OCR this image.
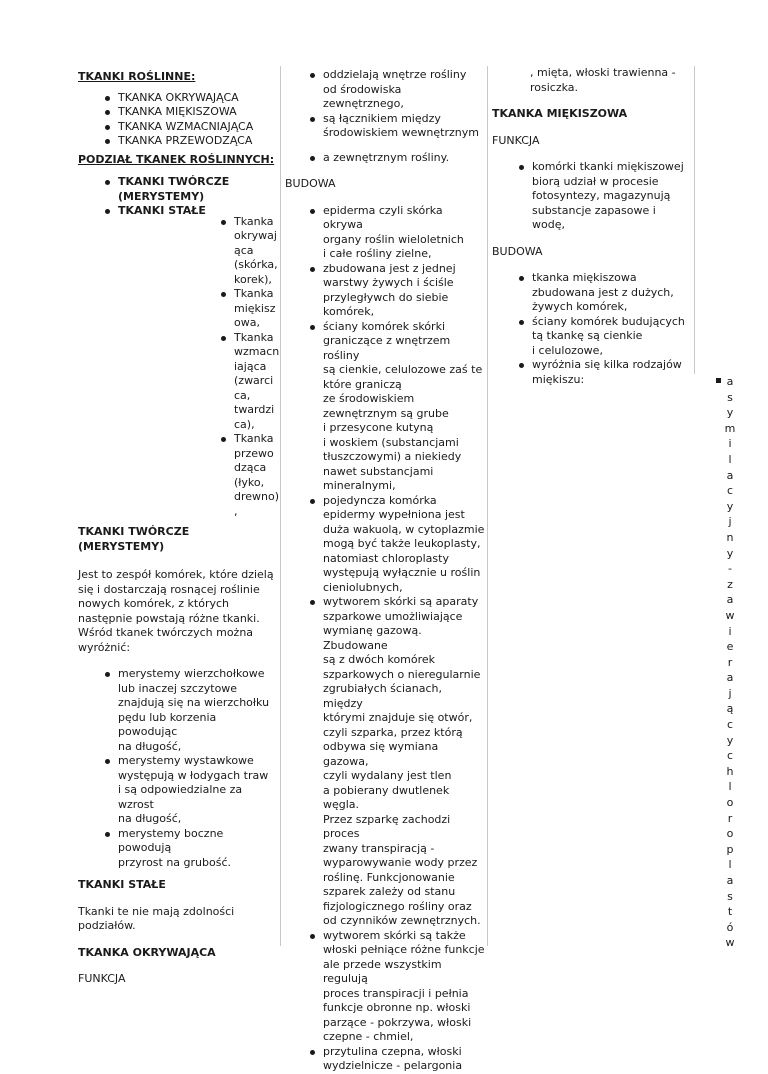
TKANKI ROŚLINNE:
TKANKA OKRYWAJĄCA
TKANKA MIĘKISZOWA
TKANKA WZMACNIAJĄCA
TKANKA PRZEWODZĄCA
PODZIAŁ TKANEK ROŚLINNYCH:
TKANKI TWÓRCZE (MERYSTEMY)
TKANKI STAŁE
Tkanka
okrywaj
ąca
(skórka,
korek),
Tkanka
miękisz
owa,
Tkanka
wzmacn
iająca
(zwarci
ca,
twardzi
ca),
Tkanka
przewo
dząca
(łyko,
drewno)
,
TKANKI TWÓRCZE (MERYSTEMY)

Jest to zespół komórek, które dzielą
się i dostarczają rosnącej roślinie
nowych komórek, z których
następnie powstają różne tkanki.
Wśród tkanek twórczych można
wyróżnić:

merystemy wierzchołkowe
lub inaczej szczytowe
znajdują się na wierzchołku
pędu lub korzenia powodując
na długość,
merystemy wystawkowe
występują w łodygach traw
i są odpowiedzialne za wzrost
na długość,
merystemy boczne powodują
przyrost na grubość.
TKANKI STAŁE

Tkanki te nie mają zdolności
podziałów.

TKANKA OKRYWAJĄCA

FUNKCJA

oddzielają wnętrze rośliny
od środowiska zewnętrznego,
są łącznikiem między
środowiskiem wewnętrznym
a zewnętrznym rośliny.

BUDOWA

epiderma czyli skórka okrywa
organy roślin wieloletnich
i całe rośliny zielne,
zbudowana jest z jednej
warstwy żywych i ściśle
przyległywch do siebie
komórek,
ściany komórek skórki
graniczące z wnętrzem rośliny
są cienkie, celulozowe zaś te
które graniczą
ze środowiskiem
zewnętrznym są grube
i przesycone kutyną
i woskiem (substancjami
tłuszczowymi) a niekiedy
nawet substancjami
mineralnymi,
pojedyncza komórka
epidermy wypełniona jest
duża wakuolą, w cytoplazmie
mogą być także leukoplasty,
natomiast chloroplasty
występują wyłącznie u roślin
cieniolubnych,
wytworem skórki są aparaty
szparkowe umożliwiające
wymianę gazową. Zbudowane
są z dwóch komórek
szparkowych o nieregularnie
zgrubiałych ścianach, między
którymi znajduje się otwór,
czyli szparka, przez którą
odbywa się wymiana gazowa,
czyli wydalany jest tlen
a pobierany dwutlenek węgla.
Przez szparkę zachodzi proces
zwany transpiracją -
wyparowywanie wody przez
roślinę. Funkcjonowanie
szparek zależy od stanu
fizjologicznego rośliny oraz
od czynników zewnętrznych.
wytworem skórki są także
włoski pełniące różne funkcje
ale przede wszystkim regulują
proces transpiracji i pełnia
funkcje obronne np. włoski
parzące - pokrzywa, włoski
czepne - chmiel,
przytulina czepna, włoski
wydzielnicze - pelargonia

, mięta, włoski trawienna -
rosiczka.

TKANKA MIĘKISZOWA

FUNKCJA

komórki tkanki miękiszowej
biorą udział w procesie
fotosyntezy, magazynują
substancje zapasowe i wodę,

BUDOWA

tkanka miękiszowa
zbudowana jest z dużych,
żywych komórek,
ściany komórek budujących
tą tkankę są cienkie
i celulozowe,
wyróżnia się kilka rodzajów
miękiszu:	a
s
y
m
i
l
a
c
y
j
n
y
-
z
a
w
i
e
r
a
j
ą
c
y
c
h
l
o
r
o
p
l
a
s
t
ó
w
